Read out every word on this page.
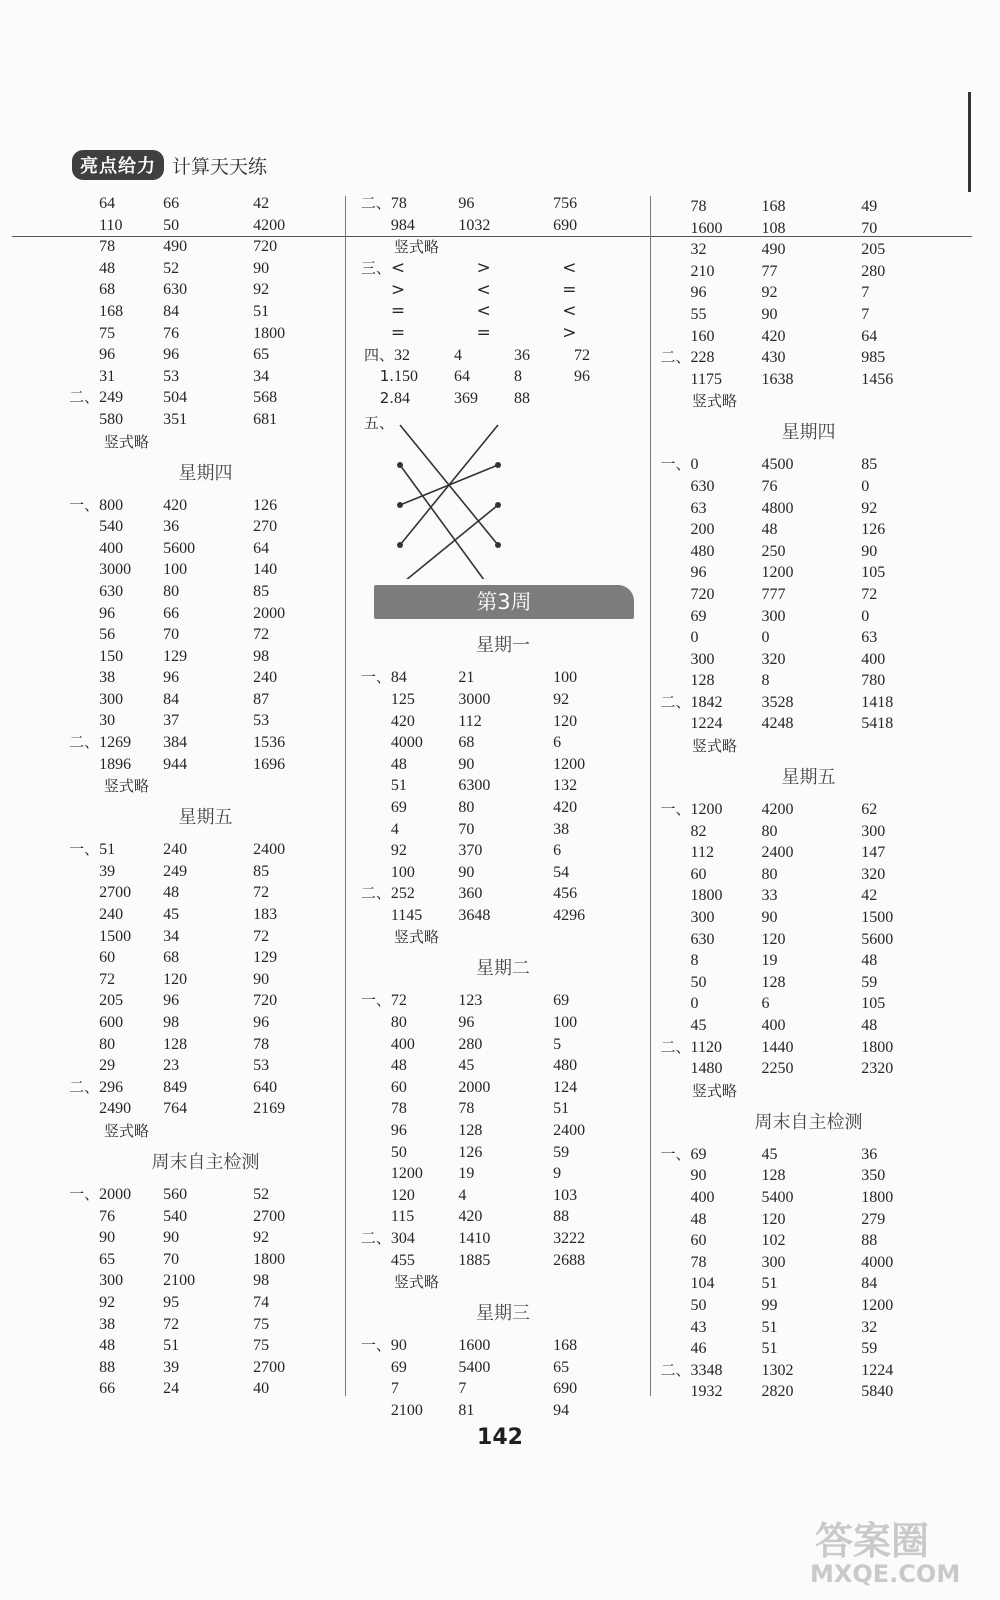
亮点给力 计算天天练
64	66	42
110	50	4200
78	490	720
48	52	90
68	630	92
168	84	51
75	76	1800
96	96	65
31	53	34
二、 249	504	568
580	351	681
竖式略
星期四
一、 800	420	126
540	36	270
400	5600	64
3000	100	140
630	80	85
96	66	2000
56	70	72
150	129	98
38	96	240
300	84	87
30	37	53
二、 1269	384	1536
1896	944	1696
竖式略
星期五
一、 51	240	2400
39	249	85
2700	48	72
240	45	183
1500	34	72
60	68	129
72	120	90
205	96	720
600	98	96
80	128	78
29	23	53
二、 296	849	640
2490	764	2169
竖式略
周末自主检测
一、 2000	560	52
76	540	2700
90	90	92
65	70	1800
300	2100	98
92	95	74
38	72	75
48	51	75
88	39	2700
66	24	40
二、 78	96	756
984	1032	690
竖式略
三、 <	>	<
>	<	=
=	<	<
=	=	>
四、1.
32	4	36	72
150	64	8	96
2. 84	369	88
五、
第3周
星期一
一、 84	21	100
125	3000	92
420	112	120
4000	68	6
48	90	1200
51	6300	132
69	80	420
4	70	38
92	370	6
100	90	54
二、 252	360	456
1145	3648	4296
竖式略
星期二
一、 72	123	69
80	96	100
400	280	5
48	45	480
60	2000	124
78	78	51
96	128	2400
50	126	59
1200	19	9
120	4	103
115	420	88
二、 304	1410	3222
455	1885	2688
竖式略
星期三
一、 90	1600	168
69	5400	65
7	7	690
2100	81	94
78	168	49
1600	108	70
32	490	205
210	77	280
96	92	7
55	90	7
160	420	64
二、 228	430	985
1175	1638	1456
竖式略
星期四
一、 0	4500	85
630	76	0
63	4800	92
200	48	126
480	250	90
96	1200	105
720	777	72
69	300	0
0	0	63
300	320	400
128	8	780
二、 1842	3528	1418
1224	4248	5418
竖式略
星期五
一、 1200	4200	62
82	80	300
112	2400	147
60	80	320
1800	33	42
300	90	1500
630	120	5600
8	19	48
50	128	59
0	6	105
45	400	48
二、 1120	1440	1800
1480	2250	2320
竖式略
周末自主检测
一、 69	45	36
90	128	350
400	5400	1800
48	120	279
60	102	88
78	300	4000
104	51	84
50	99	1200
43	51	32
46	51	59
二、 3348	1302	1224
1932	2820	5840
142
答案圈
MXQE.COM
